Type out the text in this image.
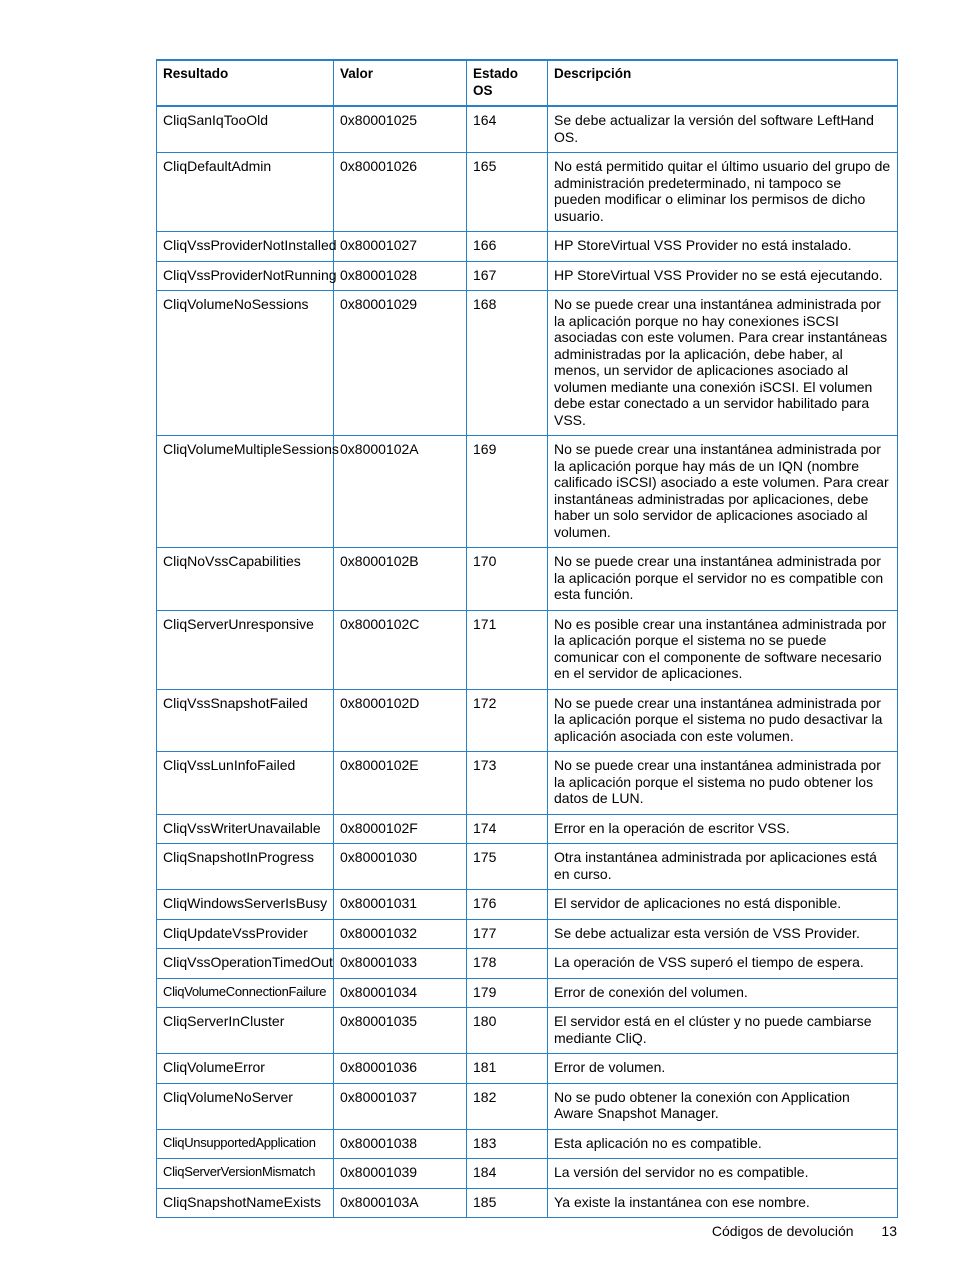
Resultado	Valor	Estado OS	Descripción
CliqSanIqTooOld	0x80001025	164	Se debe actualizar la versión del software LeftHand OS.
CliqDefaultAdmin	0x80001026	165	No está permitido quitar el último usuario del grupo de administración predeterminado, ni tampoco se pueden modificar o eliminar los permisos de dicho usuario.
CliqVssProviderNotInstalled	0x80001027	166	HP StoreVirtual VSS Provider no está instalado.
CliqVssProviderNotRunning	0x80001028	167	HP StoreVirtual VSS Provider no se está ejecutando.
CliqVolumeNoSessions	0x80001029	168	No se puede crear una instantánea administrada por la aplicación porque no hay conexiones iSCSI asociadas con este volumen. Para crear instantáneas administradas por la aplicación, debe haber, al menos, un servidor de aplicaciones asociado al volumen mediante una conexión iSCSI. El volumen debe estar conectado a un servidor habilitado para VSS.
CliqVolumeMultipleSessions	0x8000102A	169	No se puede crear una instantánea administrada por la aplicación porque hay más de un IQN (nombre calificado iSCSI) asociado a este volumen. Para crear instantáneas administradas por aplicaciones, debe haber un solo servidor de aplicaciones asociado al volumen.
CliqNoVssCapabilities	0x8000102B	170	No se puede crear una instantánea administrada por la aplicación porque el servidor no es compatible con esta función.
CliqServerUnresponsive	0x8000102C	171	No es posible crear una instantánea administrada por la aplicación porque el sistema no se puede comunicar con el componente de software necesario en el servidor de aplicaciones.
CliqVssSnapshotFailed	0x8000102D	172	No se puede crear una instantánea administrada por la aplicación porque el sistema no pudo desactivar la aplicación asociada con este volumen.
CliqVssLunInfoFailed	0x8000102E	173	No se puede crear una instantánea administrada por la aplicación porque el sistema no pudo obtener los datos de LUN.
CliqVssWriterUnavailable	0x8000102F	174	Error en la operación de escritor VSS.
CliqSnapshotInProgress	0x80001030	175	Otra instantánea administrada por aplicaciones está en curso.
CliqWindowsServerIsBusy	0x80001031	176	El servidor de aplicaciones no está disponible.
CliqUpdateVssProvider	0x80001032	177	Se debe actualizar esta versión de VSS Provider.
CliqVssOperationTimedOut	0x80001033	178	La operación de VSS superó el tiempo de espera.
CliqVolumeConnectionFailure	0x80001034	179	Error de conexión del volumen.
CliqServerInCluster	0x80001035	180	El servidor está en el clúster y no puede cambiarse mediante CliQ.
CliqVolumeError	0x80001036	181	Error de volumen.
CliqVolumeNoServer	0x80001037	182	No se pudo obtener la conexión con Application Aware Snapshot Manager.
CliqUnsupportedApplication	0x80001038	183	Esta aplicación no es compatible.
CliqServerVersionMismatch	0x80001039	184	La versión del servidor no es compatible.
CliqSnapshotNameExists	0x8000103A	185	Ya existe la instantánea con ese nombre.
Códigos de devolución 13
